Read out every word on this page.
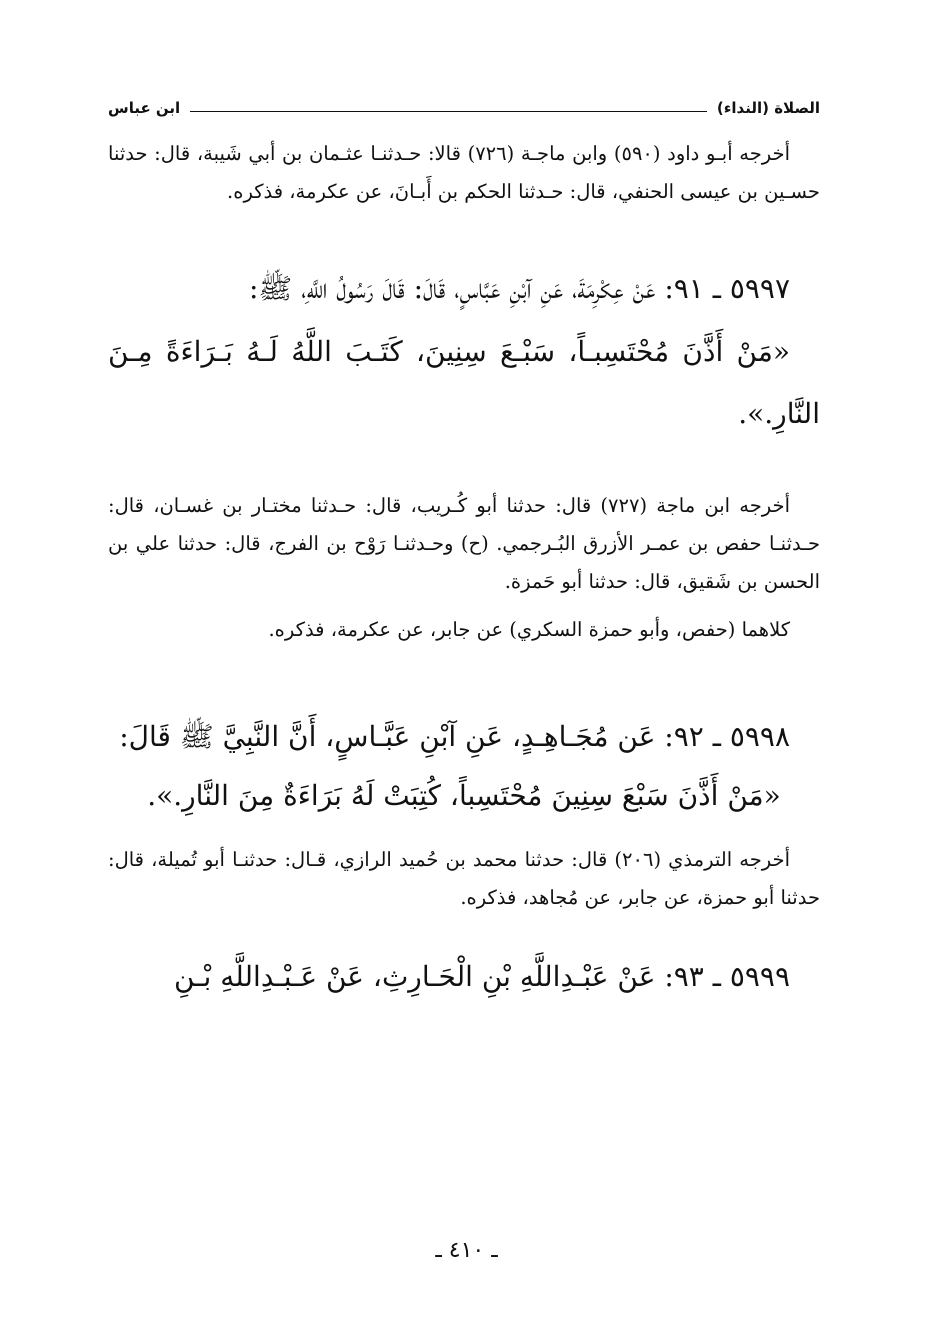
الصلاة (النداء)
ابن عباس

أخرجه أبـو داود (٥٩٠) وابن ماجـة (٧٢٦) قالا: حـدثنـا عثـمان بن أبي شَيبة، قال: حدثنا حسـين بن عيسى الحنفي، قال: حـدثنا الحكم بن أَبـانَ، عن عكرمة، فذكره.

٥٩٩٧ ـ ٩١: عَنْ عِكْرِمَةَ، عَنِ آبْنِ عَبَّاسٍ، قَالَ: قَالَ رَسُولُ اللَّهِ، ﷺ:

«مَنْ أَذَّنَ مُحْتَسِبـاً، سَبْـعَ سِنِينَ، كَتَـبَ اللَّهُ لَـهُ بَـرَاءَةً مِـنَ النَّارِ.».

أخرجه ابن ماجة (٧٢٧) قال: حدثنا أبو كُـريب، قال: حـدثنا مختـار بن غسـان، قال: حـدثنـا حفص بن عمـر الأزرق البُـرجمي. (ح) وحـدثنـا رَوْح بن الفرج، قال: حدثنا علي بن الحسن بن شَقيق، قال: حدثنا أبو حَمزة.

كلاهما (حفص، وأبو حمزة السكري) عن جابر، عن عكرمة، فذكره.

٥٩٩٨ ـ ٩٢: عَن مُجَـاهِـدٍ، عَنِ آبْنِ عَبَّـاسٍ، أَنَّ النَّبِيَّ ﷺ قَالَ:

«مَنْ أَذَّنَ سَبْعَ سِنِينَ مُحْتَسِباً، كُتِبَتْ لَهُ بَرَاءَةٌ مِنَ النَّارِ.».

أخرجه الترمذي (٢٠٦) قال: حدثنا محمد بن حُميد الرازي، قـال: حدثنـا أبو تُميلة، قال: حدثنا أبو حمزة، عن جابر، عن مُجاهد، فذكره.

٥٩٩٩ ـ ٩٣: عَنْ عَبْـدِاللَّهِ بْنِ الْحَـارِثِ، عَنْ عَـبْـدِاللَّهِ بْـنِ

ـ ٤١٠ ـ
